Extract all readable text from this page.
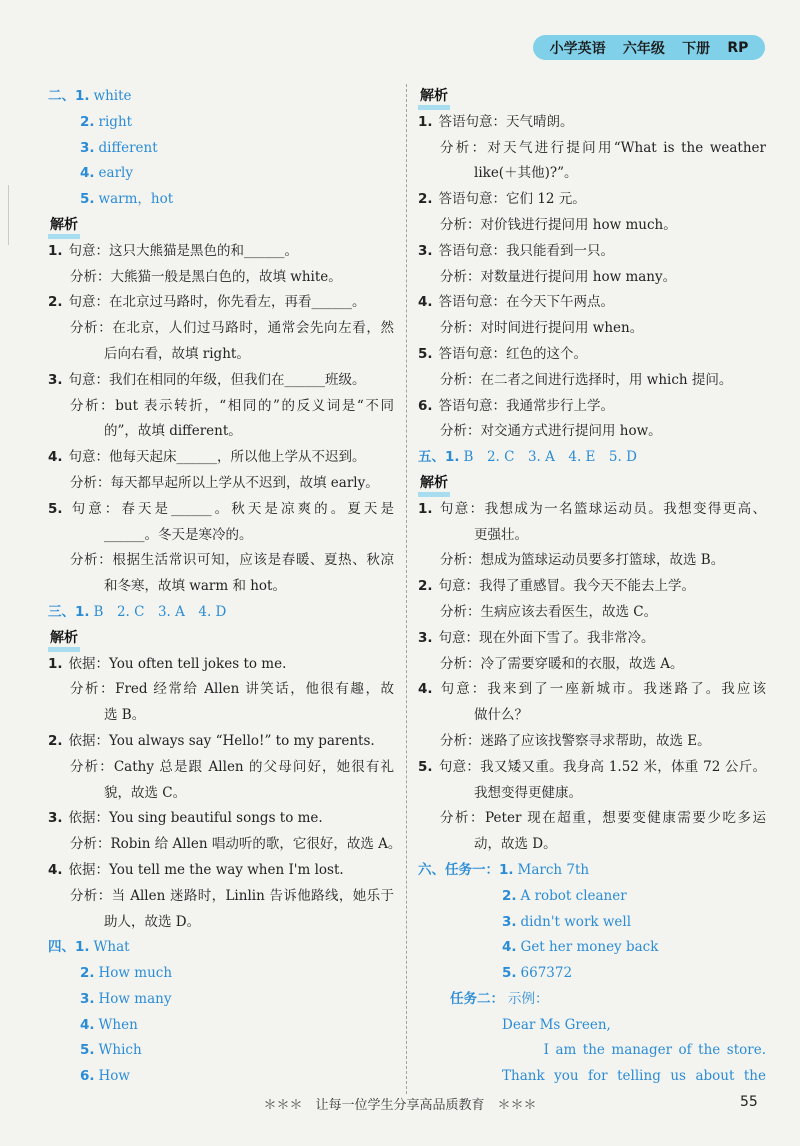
小学英语 六年级 下册 RP
二、1. white
2. right
3. different
4. early
5. warm，hot
解析
1. 句意：这只大熊猫是黑色的和______。
分析：大熊猫一般是黑白色的，故填 white。
2. 句意：在北京过马路时，你先看左，再看______。
分析：在北京，人们过马路时，通常会先向左看，然
后向右看，故填 right。
3. 句意：我们在相同的年级，但我们在______班级。
分析：but 表示转折，“相同的”的反义词是“不同
的”，故填 different。
4. 句意：他每天起床______，所以他上学从不迟到。
分析：每天都早起所以上学从不迟到，故填 early。
5. 句意：春天是______。秋天是凉爽的。夏天是
______。冬天是寒冷的。
分析：根据生活常识可知，应该是春暖、夏热、秋凉
和冬寒，故填 warm 和 hot。
三、1. B　2. C　3. A　4. D
解析
1. 依据：You often tell jokes to me.
分析：Fred 经常给 Allen 讲笑话，他很有趣，故
选 B。
2. 依据：You always say “Hello!” to my parents.
分析：Cathy 总是跟 Allen 的父母问好，她很有礼
貌，故选 C。
3. 依据：You sing beautiful songs to me.
分析：Robin 给 Allen 唱动听的歌，它很好，故选 A。
4. 依据：You tell me the way when I'm lost.
分析：当 Allen 迷路时，Linlin 告诉他路线，她乐于
助人，故选 D。
四、1. What
2. How much
3. How many
4. When
5. Which
6. How
解析
1. 答语句意：天气晴朗。
分析：对天气进行提问用“What is the weather
like(＋其他)?”。
2. 答语句意：它们 12 元。
分析：对价钱进行提问用 how much。
3. 答语句意：我只能看到一只。
分析：对数量进行提问用 how many。
4. 答语句意：在今天下午两点。
分析：对时间进行提问用 when。
5. 答语句意：红色的这个。
分析：在二者之间进行选择时，用 which 提问。
6. 答语句意：我通常步行上学。
分析：对交通方式进行提问用 how。
五、1. B　2. C　3. A　4. E　5. D
解析
1. 句意：我想成为一名篮球运动员。我想变得更高、
更强壮。
分析：想成为篮球运动员要多打篮球，故选 B。
2. 句意：我得了重感冒。我今天不能去上学。
分析：生病应该去看医生，故选 C。
3. 句意：现在外面下雪了。我非常冷。
分析：冷了需要穿暖和的衣服，故选 A。
4. 句意：我来到了一座新城市。我迷路了。我应该
做什么？
分析：迷路了应该找警察寻求帮助，故选 E。
5. 句意：我又矮又重。我身高 1.52 米，体重 72 公斤。
我想变得更健康。
分析：Peter 现在超重，想要变健康需要少吃多运
动，故选 D。
六、任务一：1. March 7th
2. A robot cleaner
3. didn't work well
4. Get her money back
5. 667372
任务二： 示例：
Dear Ms Green,
　　　　　　　　I am the manager of the store.
Thank you for telling us about the
＊＊＊　让每一位学生分享高品质教育　＊＊＊	55
